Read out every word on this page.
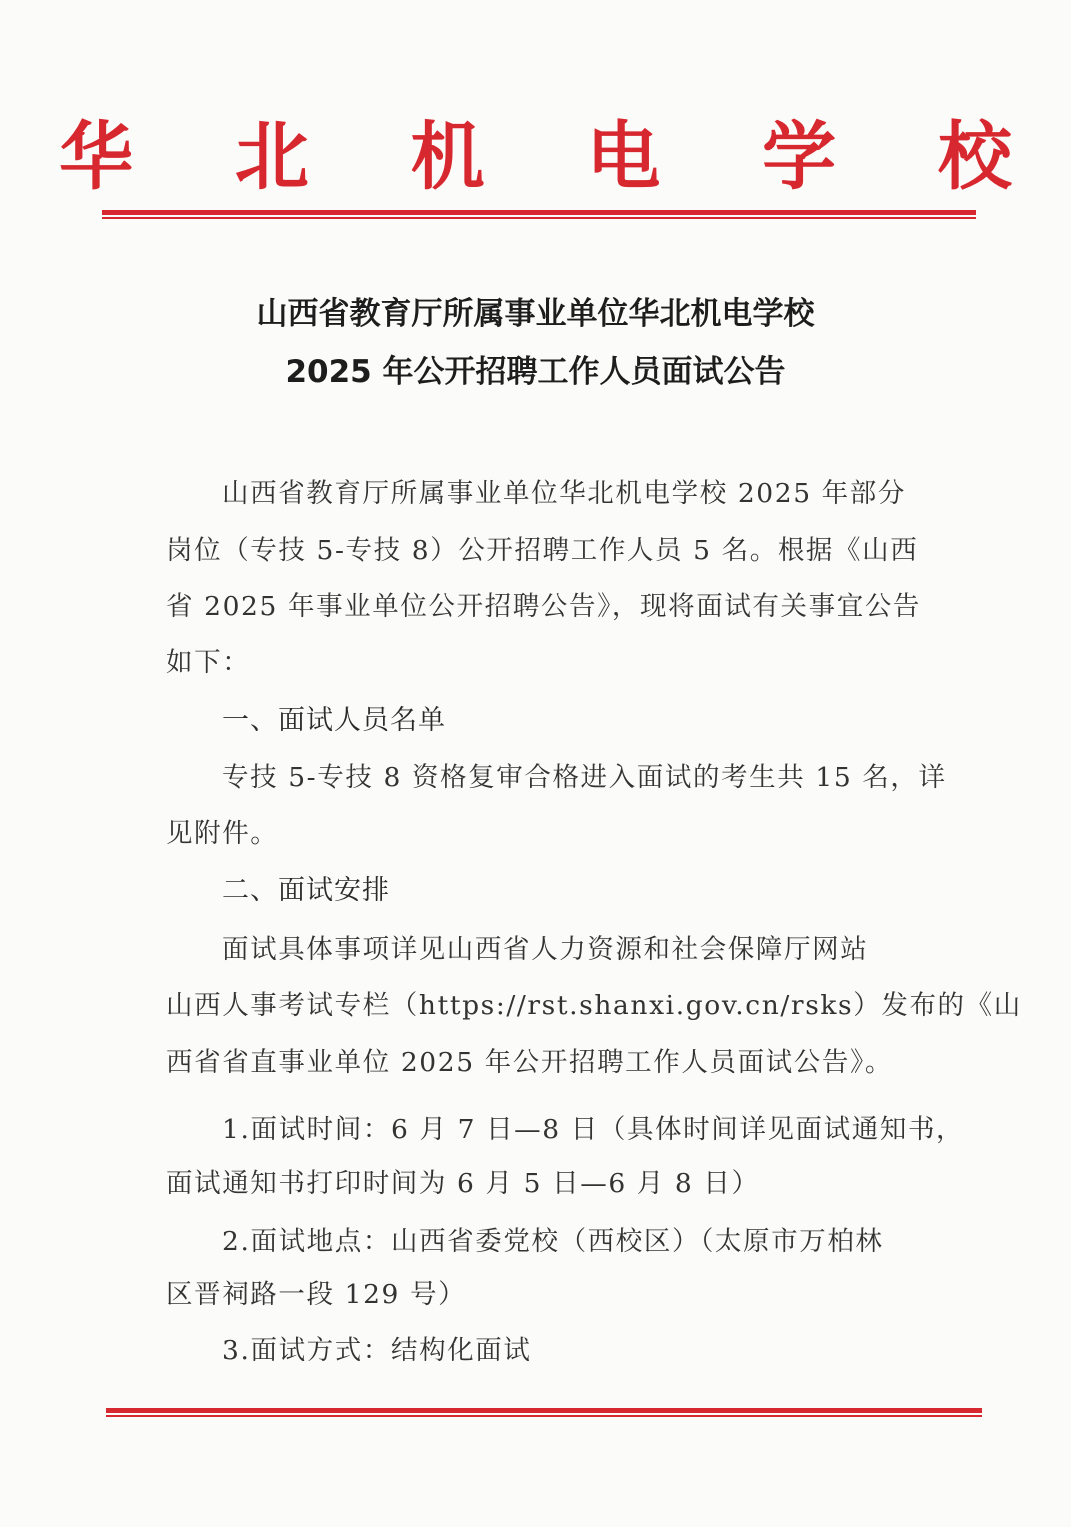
华 北 机 电 学 校
山西省教育厅所属事业单位华北机电学校
2025 年公开招聘工作人员面试公告
山西省教育厅所属事业单位华北机电学校 2025 年部分
岗位（专技 5-专技 8）公开招聘工作人员 5 名。根据《山西
省 2025 年事业单位公开招聘公告》，现将面试有关事宜公告
如下：
一、面试人员名单
专技 5-专技 8 资格复审合格进入面试的考生共 15 名，详
见附件。
二、面试安排
面试具体事项详见山西省人力资源和社会保障厅网站
山西人事考试专栏（https://rst.shanxi.gov.cn/rsks）发布的《山
西省省直事业单位 2025 年公开招聘工作人员面试公告》。
1.面试时间：6 月 7 日—8 日（具体时间详见面试通知书，
面试通知书打印时间为 6 月 5 日—6 月 8 日）
2.面试地点：山西省委党校（西校区）（太原市万柏林
区晋祠路一段 129 号）
3.面试方式：结构化面试
